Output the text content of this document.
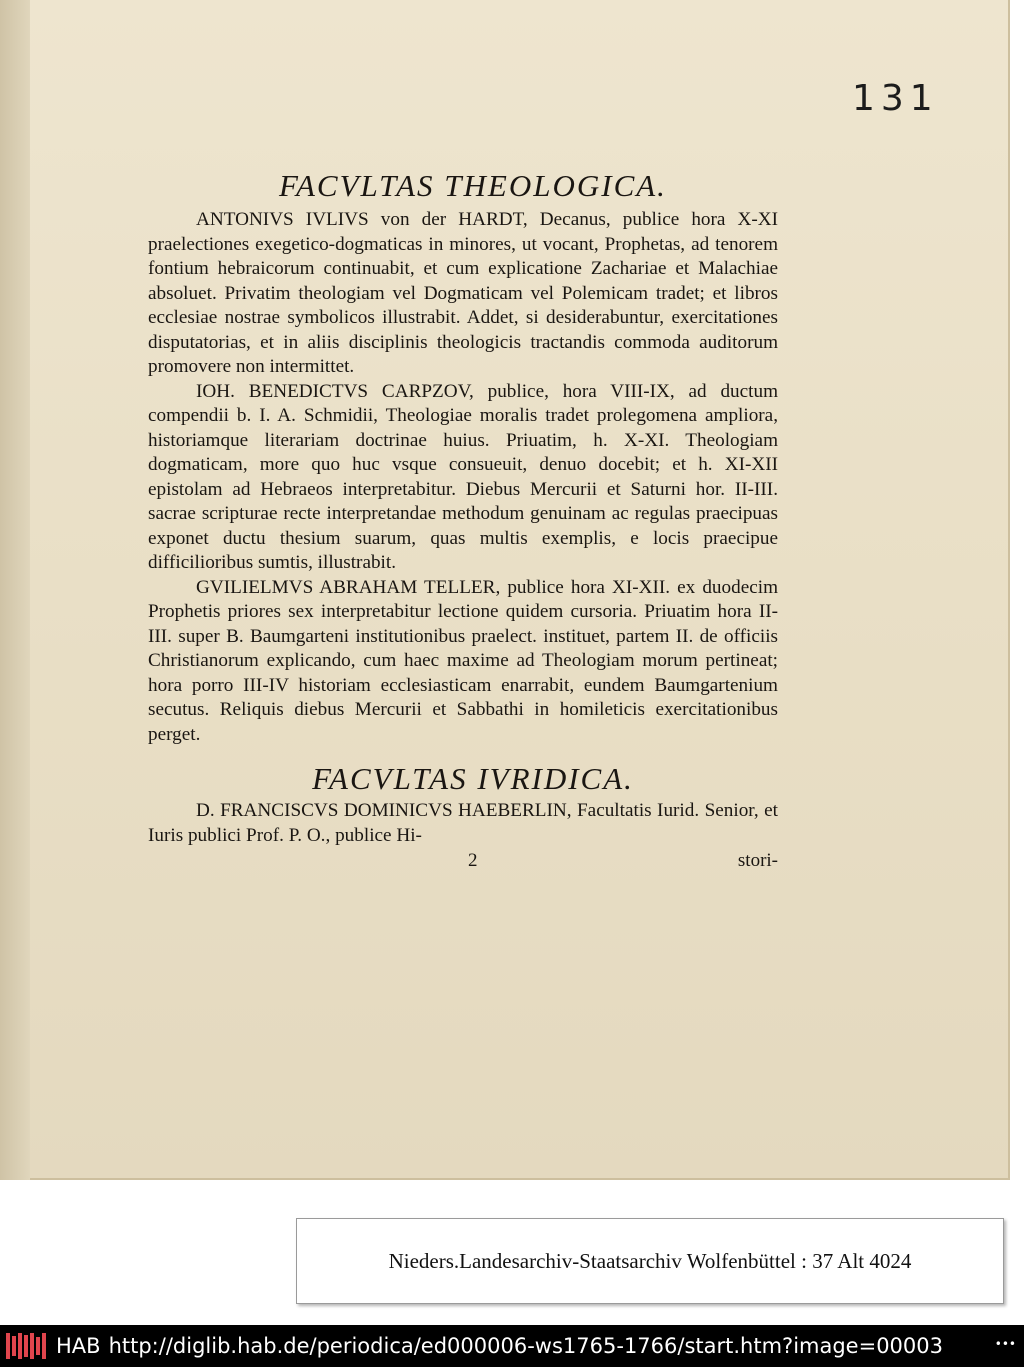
131
FACVLTAS THEOLOGICA.

ANTONIVS IVLIVS von der HARDT, Decanus, publice hora X-XI praelectiones exegetico-dogmaticas in minores, ut vocant, Prophetas, ad tenorem fontium hebraicorum continuabit, et cum explicatione Zachariae et Malachiae absoluet. Privatim theologiam vel Dogmaticam vel Polemicam tradet; et libros ecclesiae nostrae symbolicos illustrabit. Addet, si desiderabuntur, exercitationes disputatorias, et in aliis disciplinis theologicis tractandis commoda auditorum promovere non intermittet.

IOH. BENEDICTVS CARPZOV, publice, hora VIII-IX, ad ductum compendii b. I. A. Schmidii, Theologiae moralis tradet prolegomena ampliora, historiamque literariam doctrinae huius. Priuatim, h. X-XI. Theologiam dogmaticam, more quo huc vsque consueuit, denuo docebit; et h. XI-XII epistolam ad Hebraeos interpretabitur. Diebus Mercurii et Saturni hor. II-III. sacrae scripturae recte interpretandae methodum genuinam ac regulas praecipuas exponet ductu thesium suarum, quas multis exemplis, e locis praecipue difficilioribus sumtis, illustrabit.

GVILIELMVS ABRAHAM TELLER, publice hora XI-XII. ex duodecim Prophetis priores sex interpretabitur lectione quidem cursoria. Priuatim hora II-III. super B. Baumgarteni institutionibus praelect. instituet, partem II. de officiis Christianorum explicando, cum haec maxime ad Theologiam morum pertineat; hora porro III-IV historiam ecclesiasticam enarrabit, eundem Baumgartenium secutus. Reliquis diebus Mercurii et Sabbathi in homileticis exercitationibus perget.

FACVLTAS IVRIDICA.

D. FRANCISCVS DOMINICVS HAEBERLIN, Facultatis Iurid. Senior, et Iuris publici Prof. P. O., publice Hi-

2	stori-
Nieders.Landesarchiv-Staatsarchiv Wolfenbüttel : 37 Alt 4024
HAB http://diglib.hab.de/periodica/ed000006-ws1765-1766/start.htm?image=00003	•••
